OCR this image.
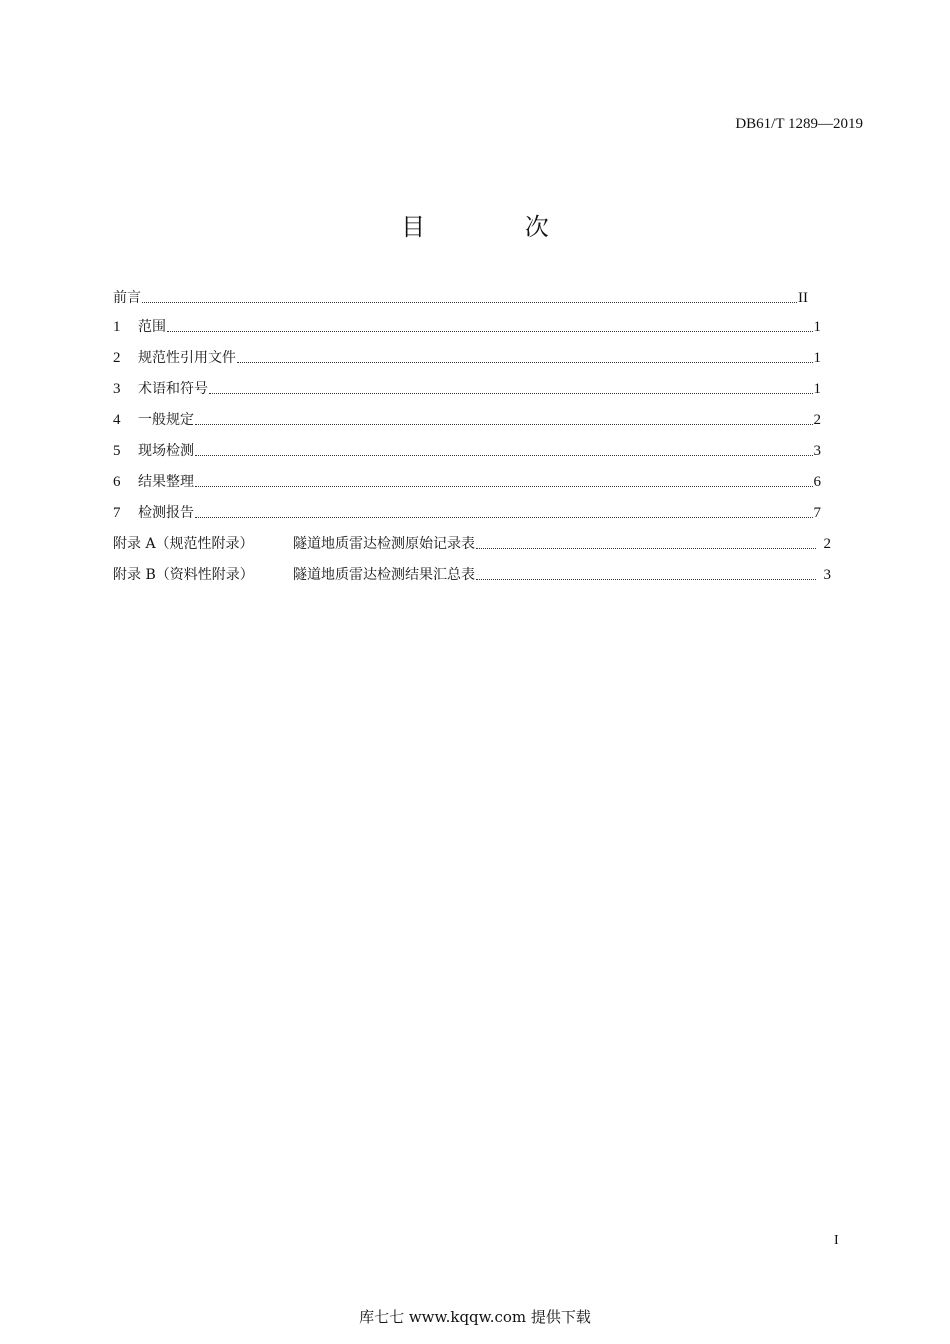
DB61/T 1289—2019
目 次
前言	II
1	范围	1
2	规范性引用文件	1
3	术语和符号	1
4	一般规定	2
5	现场检测	3
6	结果整理	6
7	检测报告	7
附录 A（规范性附录）	隧道地质雷达检测原始记录表	2
附录 B（资料性附录）	隧道地质雷达检测结果汇总表	3
I
库七七 www.kqqw.com 提供下载
